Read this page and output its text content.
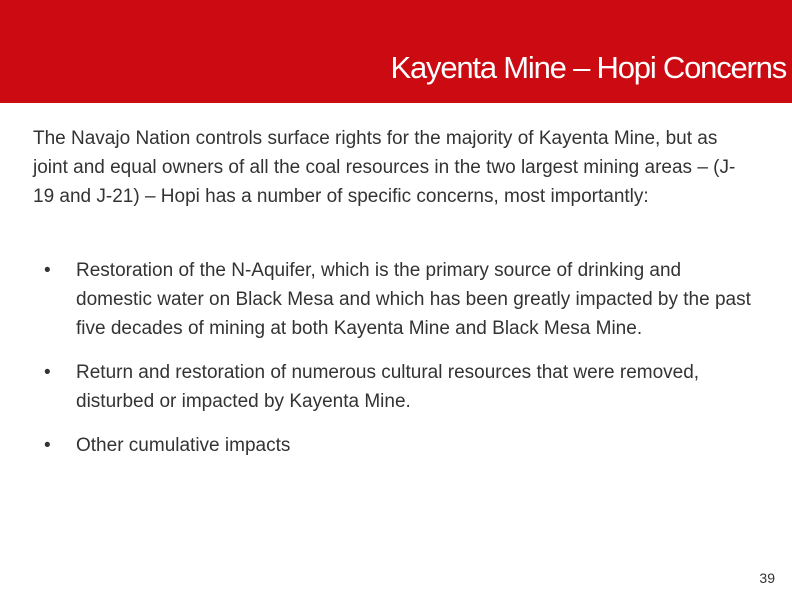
Kayenta Mine – Hopi Concerns

The Navajo Nation controls surface rights for the majority of Kayenta Mine, but as joint and equal owners of all the coal resources in the two largest mining areas – (J-19 and J-21) – Hopi has a number of specific concerns, most importantly:

•	Restoration of the N-Aquifer, which is the primary source of drinking and domestic water on Black Mesa and which has been greatly impacted by the past five decades of mining at both Kayenta Mine and Black Mesa Mine.
•	Return and restoration of numerous cultural resources that were removed, disturbed or impacted by Kayenta Mine.
•	Other cumulative impacts
39
